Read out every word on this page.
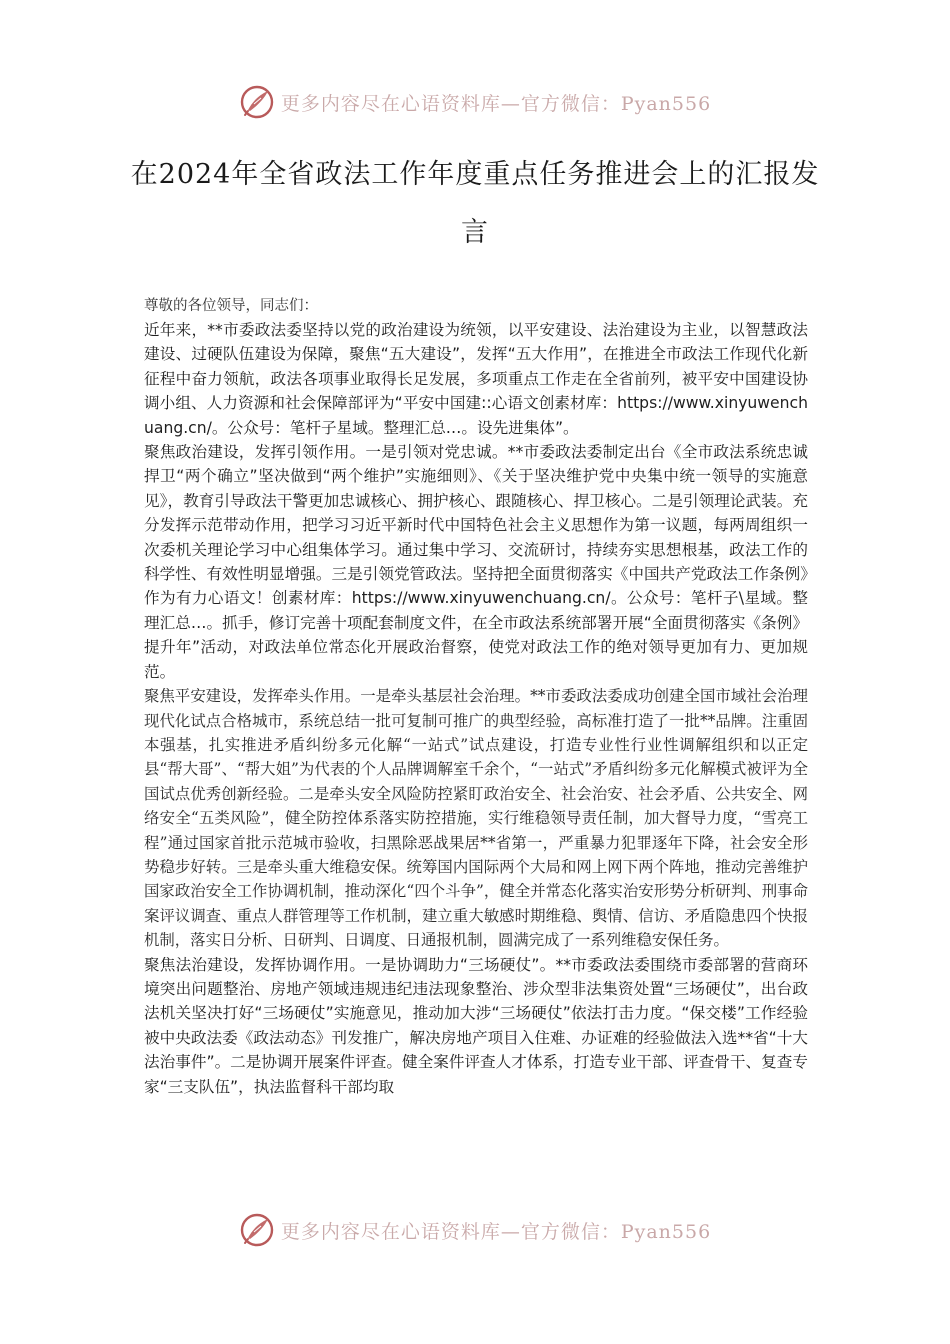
更多内容尽在心语资料库—官方微信：Pyan556
在2024年全省政法工作年度重点任务推进会上的汇报发言

尊敬的各位领导，同志们：

近年来，**市委政法委坚持以党的政治建设为统领，以平安建设、法治建设为主业，以智慧政法建设、过硬队伍建设为保障，聚焦“五大建设”，发挥“五大作用”，在推进全市政法工作现代化新征程中奋力领航，政法各项事业取得长足发展，多项重点工作走在全省前列，被平安中国建设协调小组、人力资源和社会保障部评为“平安中国建::心语文创素材库：https://www.xinyuwenchuang.cn/。公众号：笔杆子星域。整理汇总…。设先进集体”。

聚焦政治建设，发挥引领作用。一是引领对党忠诚。**市委政法委制定出台《全市政法系统忠诚捍卫“两个确立”坚决做到“两个维护”实施细则》、《关于坚决维护党中央集中统一领导的实施意见》，教育引导政法干警更加忠诚核心、拥护核心、跟随核心、捍卫核心。二是引领理论武装。充分发挥示范带动作用，把学习习近平新时代中国特色社会主义思想作为第一议题，每两周组织一次委机关理论学习中心组集体学习。通过集中学习、交流研讨，持续夯实思想根基，政法工作的科学性、有效性明显增强。三是引领党管政法。坚持把全面贯彻落实《中国共产党政法工作条例》作为有力心语文！创素材库：https://www.xinyuwenchuang.cn/。公众号：笔杆子\星域。整理汇总…。抓手，修订完善十项配套制度文件，在全市政法系统部署开展“全面贯彻落实《条例》提升年”活动，对政法单位常态化开展政治督察，使党对政法工作的绝对领导更加有力、更加规范。

聚焦平安建设，发挥牵头作用。一是牵头基层社会治理。**市委政法委成功创建全国市域社会治理现代化试点合格城市，系统总结一批可复制可推广的典型经验，高标准打造了一批**品牌。注重固本强基，扎实推进矛盾纠纷多元化解“一站式”试点建设，打造专业性行业性调解组织和以正定县“帮大哥”、“帮大姐”为代表的个人品牌调解室千余个，“一站式”矛盾纠纷多元化解模式被评为全国试点优秀创新经验。二是牵头安全风险防控紧盯政治安全、社会治安、社会矛盾、公共安全、网络安全“五类风险”，健全防控体系落实防控措施，实行维稳领导责任制，加大督导力度，“雪亮工程”通过国家首批示范城市验收，扫黑除恶战果居**省第一，严重暴力犯罪逐年下降，社会安全形势稳步好转。三是牵头重大维稳安保。统筹国内国际两个大局和网上网下两个阵地，推动完善维护国家政治安全工作协调机制，推动深化“四个斗争”，健全并常态化落实治安形势分析研判、刑事命案评议调查、重点人群管理等工作机制，建立重大敏感时期维稳、舆情、信访、矛盾隐患四个快报机制，落实日分析、日研判、日调度、日通报机制，圆满完成了一系列维稳安保任务。

聚焦法治建设，发挥协调作用。一是协调助力“三场硬仗”。**市委政法委围绕市委部署的营商环境突出问题整治、房地产领域违规违纪违法现象整治、涉众型非法集资处置“三场硬仗”，出台政法机关坚决打好“三场硬仗”实施意见，推动加大涉“三场硬仗”依法打击力度。“保交楼”工作经验被中央政法委《政法动态》刊发推广，解决房地产项目入住难、办证难的经验做法入选**省“十大法治事件”。二是协调开展案件评查。健全案件评查人才体系，打造专业干部、评查骨干、复查专家“三支队伍”，执法监督科干部均取

更多内容尽在心语资料库—官方微信：Pyan556
